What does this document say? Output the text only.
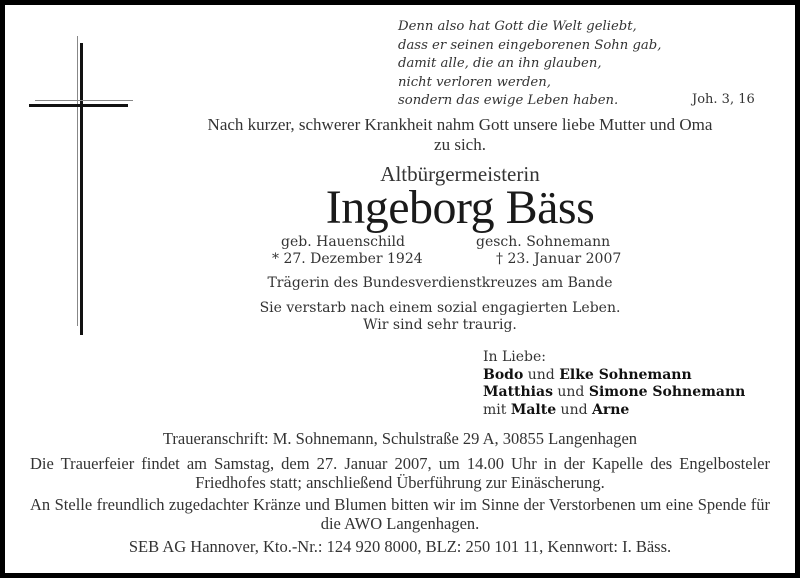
Denn also hat Gott die Welt geliebt,
dass er seinen eingeborenen Sohn gab,
damit alle, die an ihn glauben,
nicht verloren werden,
sondern das ewige Leben haben.	Joh. 3, 16
Nach kurzer, schwerer Krankheit nahm Gott unsere liebe Mutter und Oma
zu sich.
Altbürgermeisterin
Ingeborg Bäss
geb. Hauenschild	gesch. Sohnemann
* 27. Dezember 1924	† 23. Januar 2007
Trägerin des Bundesverdienstkreuzes am Bande
Sie verstarb nach einem sozial engagierten Leben.
Wir sind sehr traurig.
In Liebe:
Bodo und Elke Sohnemann
Matthias und Simone Sohnemann
mit Malte und Arne
Traueranschrift: M. Sohnemann, Schulstraße 29 A, 30855 Langenhagen
Die Trauerfeier findet am Samstag, dem 27. Januar 2007, um 14.00 Uhr in der Kapelle des Engelbosteler Friedhofes statt; anschließend Überführung zur Einäscherung.
An Stelle freundlich zugedachter Kränze und Blumen bitten wir im Sinne der Verstorbenen um eine Spende für die AWO Langenhagen.
SEB AG Hannover, Kto.-Nr.: 124 920 8000, BLZ: 250 101 11, Kennwort: I. Bäss.
